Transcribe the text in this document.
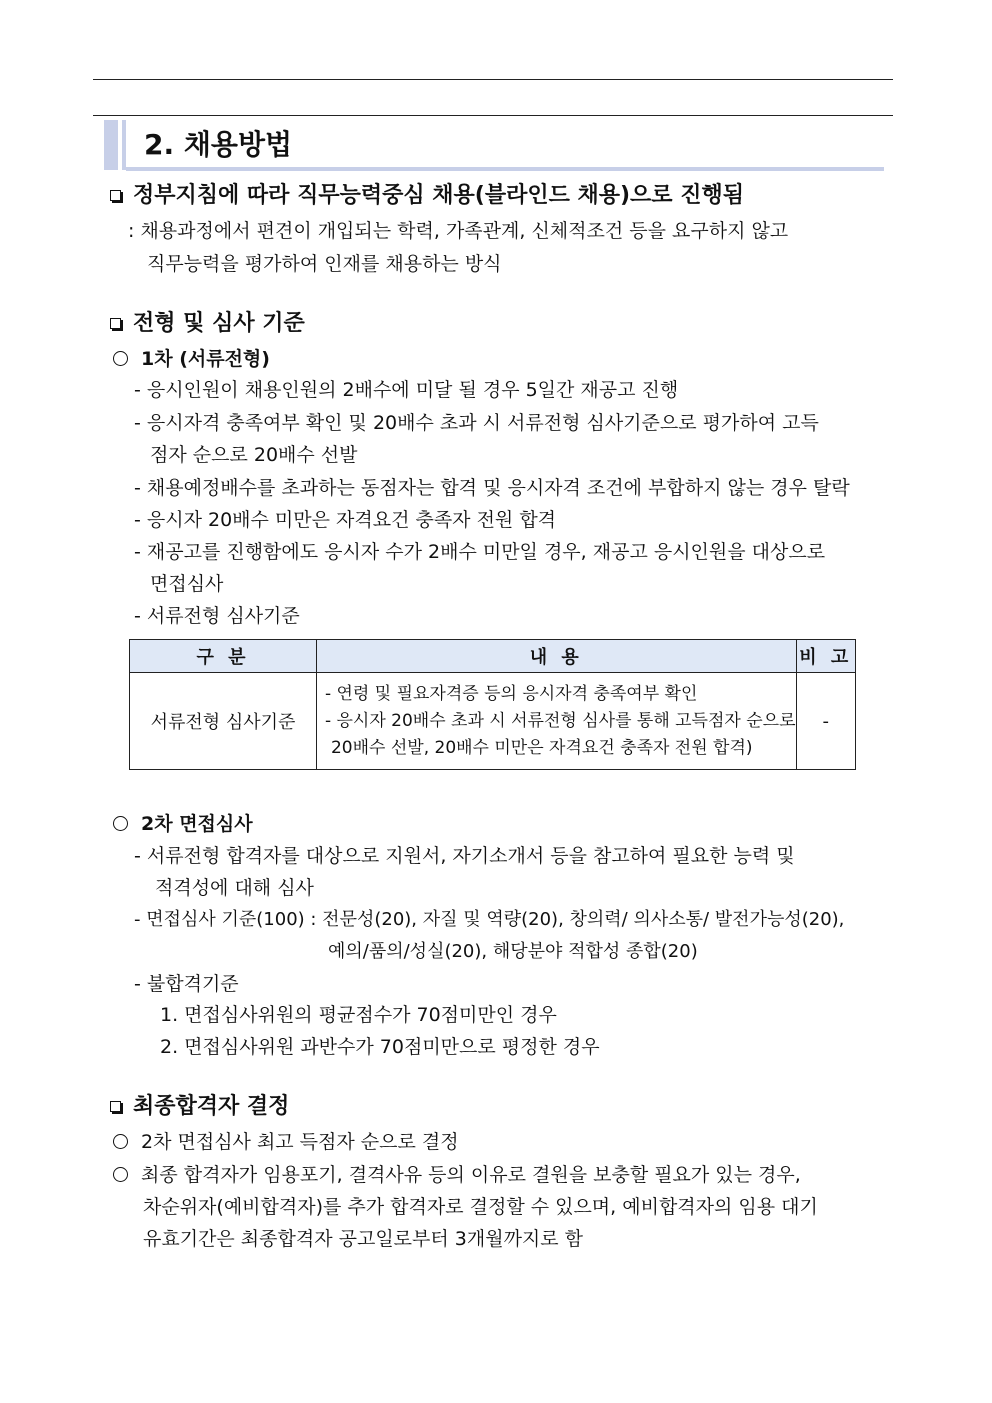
2. 채용방법
정부지침에 따라 직무능력중심 채용(블라인드 채용)으로 진행됨
: 채용과정에서 편견이 개입되는 학력, 가족관계, 신체적조건 등을 요구하지 않고
직무능력을 평가하여 인재를 채용하는 방식
전형 및 심사 기준
1차 (서류전형)
- 응시인원이 채용인원의 2배수에 미달 될 경우 5일간 재공고 진행
- 응시자격 충족여부 확인 및 20배수 초과 시 서류전형 심사기준으로 평가하여 고득
점자 순으로 20배수 선발
- 채용예정배수를 초과하는 동점자는 합격 및 응시자격 조건에 부합하지 않는 경우 탈락
- 응시자 20배수 미만은 자격요건 충족자 전원 합격
- 재공고를 진행함에도 응시자 수가 2배수 미만일 경우, 재공고 응시인원을 대상으로
면접심사
- 서류전형 심사기준
구 분	내 용	비 고
서류전형 심사기준	- 연령 및 필요자격증 등의 응시자격 충족여부 확인
- 응시자 20배수 초과 시 서류전형 심사를 통해 고득점자 순으로
20배수 선발, 20배수 미만은 자격요건 충족자 전원 합격)	-
2차 면접심사
- 서류전형 합격자를 대상으로 지원서, 자기소개서 등을 참고하여 필요한 능력 및
적격성에 대해 심사
- 면접심사 기준(100) : 전문성(20), 자질 및 역량(20), 창의력/ 의사소통/ 발전가능성(20),
예의/품의/성실(20), 해당분야 적합성 종합(20)
- 불합격기준
1. 면접심사위원의 평균점수가 70점미만인 경우
2. 면접심사위원 과반수가 70점미만으로 평정한 경우
최종합격자 결정
2차 면접심사 최고 득점자 순으로 결정
최종 합격자가 임용포기, 결격사유 등의 이유로 결원을 보충할 필요가 있는 경우,
차순위자(예비합격자)를 추가 합격자로 결정할 수 있으며, 예비합격자의 임용 대기
유효기간은 최종합격자 공고일로부터 3개월까지로 함
